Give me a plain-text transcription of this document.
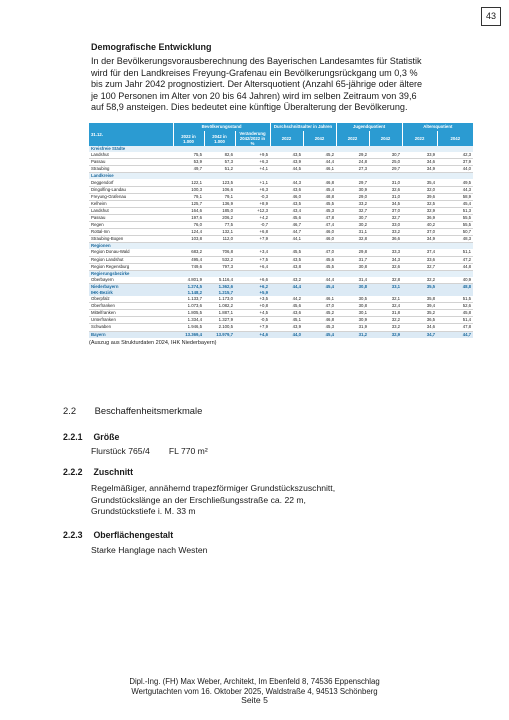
43
Demografische Entwicklung
In der Bevölkerungsvorausberechnung des Bayerischen Landesamtes für Statistik
wird für den Landkreises Freyung-Grafenau ein Bevölkerungsrückgang um 0,3 %
bis zum Jahr 2042 prognostiziert. Der Altersquotient (Anzahl 65-jährige oder ältere
je 100 Personen im Alter von 20 bis 64 Jahren) wird im selben Zeitraum von 39,6
auf 58,9 ansteigen. Dies bedeutet eine künftige Überalterung der Bevölkerung.
31.12.	Bevölkerungsstand			Durchschnittsalter in Jahren		Jugendquotient		Altersquotient	
	2022 in 1.000	2042 in 1.000	Veränderung 2042/2022 in %	2022	2042	2022	2042	2022	2042
Kreisfreie Städte									
Landshut	75,5	82,6	+9,5	43,5	45,2	29,2	30,7	33,9	42,3
Passau	53,9	57,3	+6,3	43,9	44,4	24,8	25,0	34,6	37,9
Straubing	49,7	51,2	+4,1	44,5	46,1	27,3	29,7	34,9	44,0
Landkreise									
Deggendorf	122,1	123,5	+1,1	44,3	46,8	29,7	31,0	35,4	49,5
Dingolfing-Landau	100,3	106,6	+6,3	43,6	45,4	30,9	32,6	32,0	44,3
Freyung-Grafenau	79,1	79,1	-0,3	46,0	48,8	29,0	31,0	39,6	58,9
Kelheim	125,7	136,9	+8,9	43,5	45,5	33,2	34,5	32,5	45,4
Landshut	164,6	185,0	+12,3	43,4	45,3	32,7	37,0	32,9	51,3
Passau	197,6	206,2	+4,2	45,6	47,8	30,7	32,7	36,9	55,5
Regen	76,0	77,5	-0,7	46,7	47,4	30,2	33,0	40,2	55,5
Rottal-Inn	124,4	132,1	+6,8	44,7	46,0	31,1	33,2	37,0	50,7
Straubing-Bogen	103,8	112,0	+7,9	44,1	46,0	32,8	36,6	34,9	48,3
Regionen									
Region Donau-Wald	683,2	706,8	+3,4	45,5	47,0	29,8	33,3	37,4	51,1
Region Landshut	495,4	532,2	+7,5	43,5	45,6	31,7	34,3	33,6	47,2
Region Regensburg	749,6	797,3	+6,4	43,8	45,5	30,8	32,6	32,7	44,8
Regierungsbezirke									
Oberbayern	4.801,9	5.116,4	+6,6	43,2	44,4	31,4	32,8	32,2	40,9
Niederbayern	1.274,5	1.362,6	+6,2	44,4	45,4	30,8	33,1	35,5	48,8
IHK-Bezirk	1.148,2	1.215,7	+5,9						
Oberpfalz	1.133,7	1.173,0	+3,5	44,2	46,1	30,5	32,1	35,8	51,5
Oberfranken	1.073,6	1.082,2	+0,8	45,6	47,0	30,8	32,4	39,4	52,6
Mittelfranken	1.805,5	1.887,1	+4,5	43,6	45,2	30,1	31,8	35,2	45,8
Unterfranken	1.334,4	1.327,9	-0,5	45,1	46,8	30,9	32,2	36,5	51,4
Schwaben	1.946,5	2.100,5	+7,9	43,9	45,3	31,9	33,2	34,6	47,8
Bayern	13.369,4	13.979,7	+4,6	44,0	45,4	31,2	32,9	34,7	44,7
(Auszug aus Strukturdaten 2024, IHK Niederbayern)
2.2 Beschaffenheitsmerkmale
2.2.1 Größe
Flurstück 765/4        FL 770 m²
2.2.2 Zuschnitt
Regelmäßiger, annähernd trapezförmiger Grundstückszuschnitt,
Grundstückslänge an der Erschließungsstraße ca. 22 m,
Grundstückstiefe i. M. 33 m
2.2.3 Oberflächengestalt
Starke Hanglage nach Westen
Dipl.-Ing. (FH) Max Weber, Architekt, Im Ebenfeld 8, 74536 Eppenschlag
Wertgutachten vom 16. Oktober 2025, Waldstraße 4, 94513 Schönberg
Seite 5
